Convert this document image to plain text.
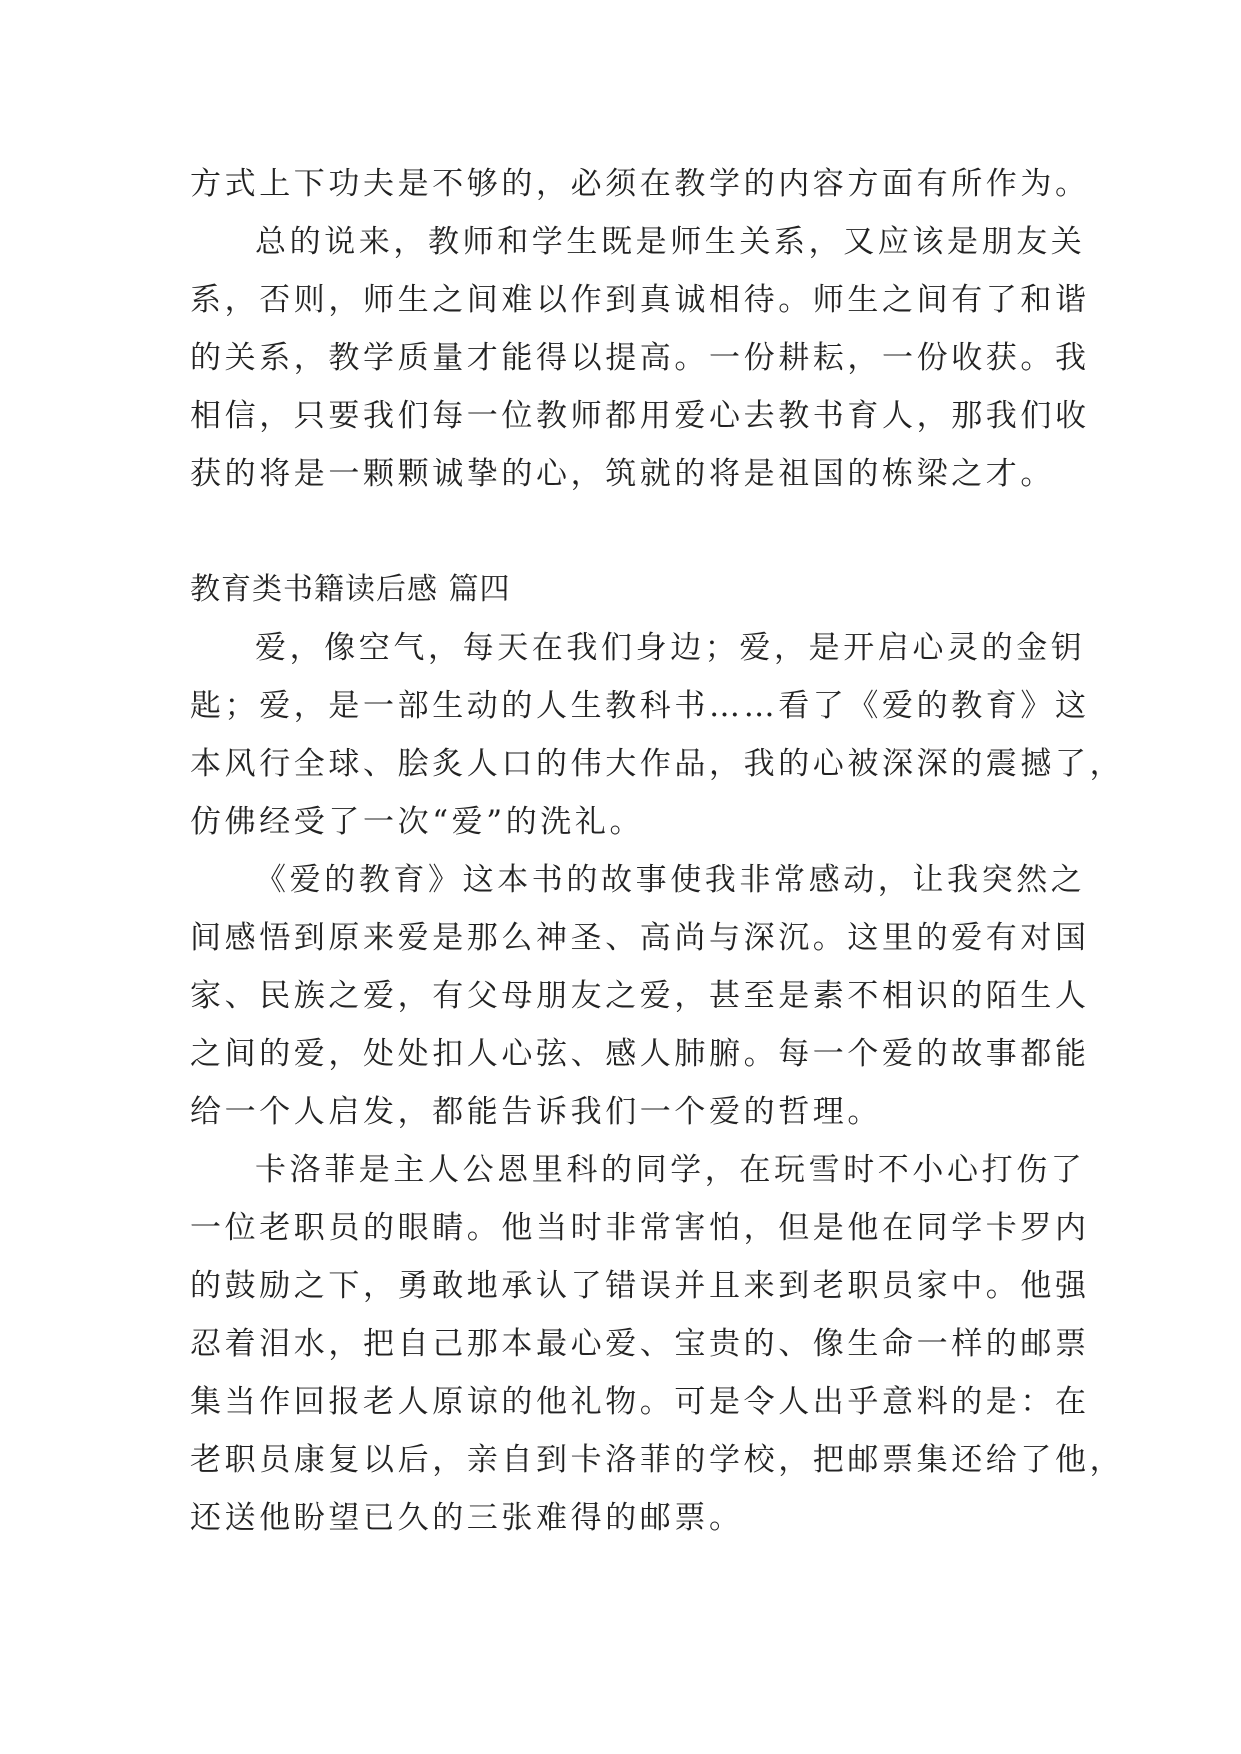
方式上下功夫是不够的，必须在教学的内容方面有所作为。
总的说来，教师和学生既是师生关系，又应该是朋友关
系，否则，师生之间难以作到真诚相待。师生之间有了和谐
的关系，教学质量才能得以提高。一份耕耘，一份收获。我
相信，只要我们每一位教师都用爱心去教书育人，那我们收
获的将是一颗颗诚挚的心，筑就的将是祖国的栋梁之才。
教育类书籍读后感 篇四
爱，像空气，每天在我们身边；爱，是开启心灵的金钥
匙；爱，是一部生动的人生教科书……看了《爱的教育》这
本风行全球、脍炙人口的伟大作品，我的心被深深的震撼了，
仿佛经受了一次“爱”的洗礼。
《爱的教育》这本书的故事使我非常感动，让我突然之
间感悟到原来爱是那么神圣、高尚与深沉。这里的爱有对国
家、民族之爱，有父母朋友之爱，甚至是素不相识的陌生人
之间的爱，处处扣人心弦、感人肺腑。每一个爱的故事都能
给一个人启发，都能告诉我们一个爱的哲理。
卡洛菲是主人公恩里科的同学，在玩雪时不小心打伤了
一位老职员的眼睛。他当时非常害怕，但是他在同学卡罗内
的鼓励之下，勇敢地承认了错误并且来到老职员家中。他强
忍着泪水，把自己那本最心爱、宝贵的、像生命一样的邮票
集当作回报老人原谅的他礼物。可是令人出乎意料的是：在
老职员康复以后，亲自到卡洛菲的学校，把邮票集还给了他，
还送他盼望已久的三张难得的邮票。
